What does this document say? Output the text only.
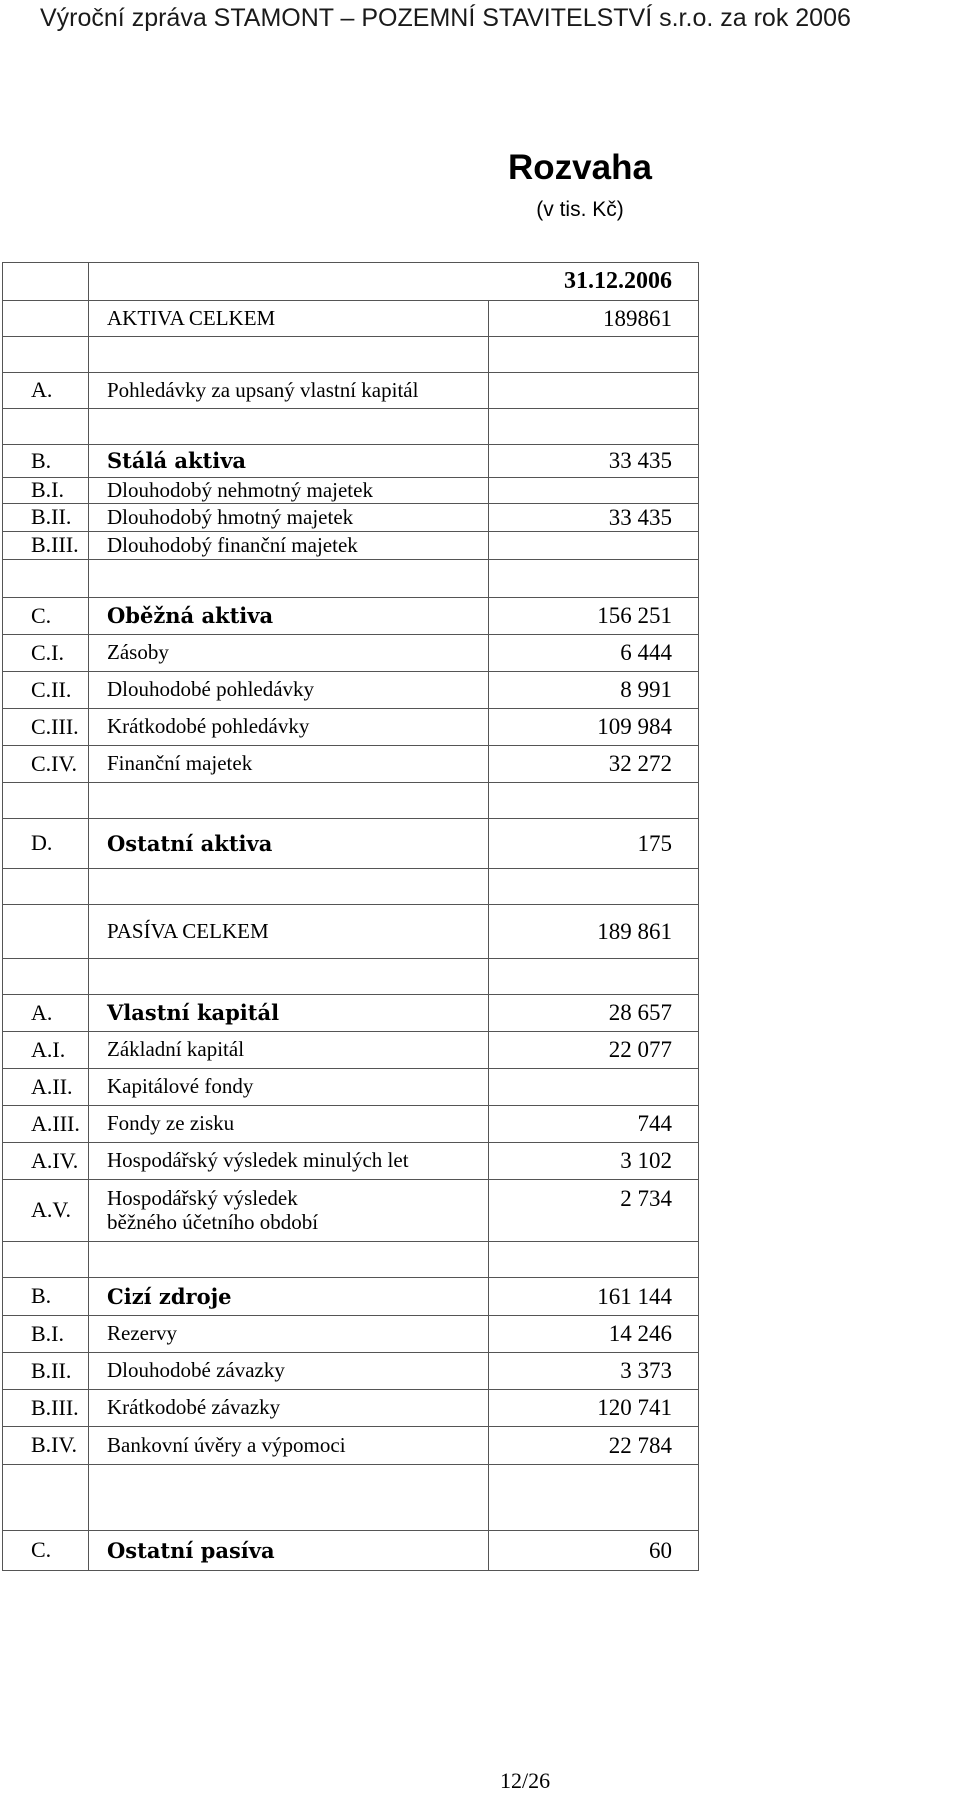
Výroční zpráva STAMONT – POZEMNÍ STAVITELSTVÍ s.r.o. za rok 2006
Rozvaha
(v tis. Kč)
	31.12.2006	
	AKTIVA CELKEM	189861

A.	Pohledávky za upsaný vlastní kapitál	

B.	Stálá aktiva	33 435
B.I.	Dlouhodobý nehmotný majetek	
B.II.	Dlouhodobý hmotný majetek	33 435
B.III.	Dlouhodobý finanční majetek	

C.	Oběžná aktiva	156 251
C.I.	Zásoby	6 444
C.II.	Dlouhodobé pohledávky	8 991
C.III.	Krátkodobé pohledávky	109 984
C.IV.	Finanční majetek	32 272

D.	Ostatní aktiva	175

	PASÍVA CELKEM	189 861

A.	Vlastní kapitál	28 657
A.I.	Základní kapitál	22 077
A.II.	Kapitálové fondy	
A.III.	Fondy ze zisku	744
A.IV.	Hospodářský výsledek minulých let	3 102
A.V.	Hospodářský výsledek běžného účetního období	2 734

B.	Cizí zdroje	161 144
B.I.	Rezervy	14 246
B.II.	Dlouhodobé závazky	3 373
B.III.	Krátkodobé závazky	120 741
B.IV.	Bankovní úvěry a výpomoci	22 784

C.	Ostatní pasíva	60
12/26
